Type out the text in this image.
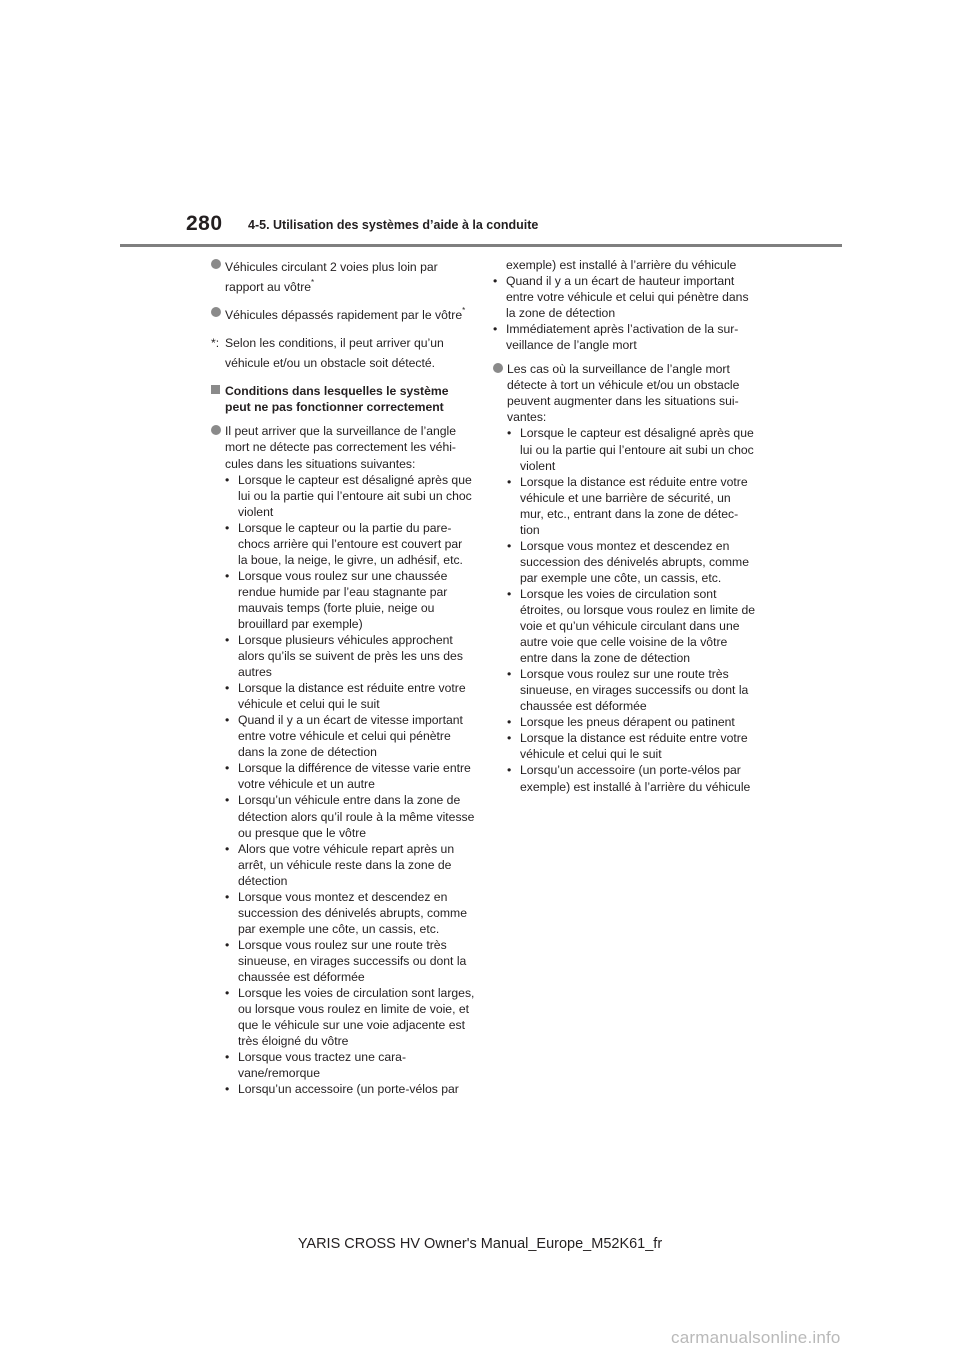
280 4-5. Utilisation des systèmes d’aide à la conduite
Véhicules circulant 2 voies plus loin par rapport au vôtre*
Véhicules dépassés rapidement par le vôtre*
*: Selon les conditions, il peut arriver qu’un véhicule et/ou un obstacle soit détecté.
Conditions dans lesquelles le système peut ne pas fonctionner correctement
Il peut arriver que la surveillance de l’angle mort ne détecte pas correctement les véhi-cules dans les situations suivantes:
• Lorsque le capteur est désaligné après que lui ou la partie qui l’entoure ait subi un choc violent
• Lorsque le capteur ou la partie du pare-chocs arrière qui l’entoure est couvert par la boue, la neige, le givre, un adhésif, etc.
• Lorsque vous roulez sur une chaussée rendue humide par l’eau stagnante par mauvais temps (forte pluie, neige ou brouillard par exemple)
• Lorsque plusieurs véhicules approchent alors qu’ils se suivent de près les uns des autres
• Lorsque la distance est réduite entre votre véhicule et celui qui le suit
• Quand il y a un écart de vitesse important entre votre véhicule et celui qui pénètre dans la zone de détection
• Lorsque la différence de vitesse varie entre votre véhicule et un autre
• Lorsqu’un véhicule entre dans la zone de détection alors qu’il roule à la même vitesse ou presque que le vôtre
• Alors que votre véhicule repart après un arrêt, un véhicule reste dans la zone de détection
• Lorsque vous montez et descendez en succession des dénivelés abrupts, comme par exemple une côte, un cassis, etc.
• Lorsque vous roulez sur une route très sinueuse, en virages successifs ou dont la chaussée est déformée
• Lorsque les voies de circulation sont larges, ou lorsque vous roulez en limite de voie, et que le véhicule sur une voie adjacente est très éloigné du vôtre
• Lorsque vous tractez une cara-vane/remorque
• Lorsqu’un accessoire (un porte-vélos par
exemple) est installé à l’arrière du véhicule
• Quand il y a un écart de hauteur important entre votre véhicule et celui qui pénètre dans la zone de détection
• Immédiatement après l’activation de la sur-veillance de l’angle mort
Les cas où la surveillance de l’angle mort détecte à tort un véhicule et/ou un obstacle peuvent augmenter dans les situations sui-vantes:
• Lorsque le capteur est désaligné après que lui ou la partie qui l’entoure ait subi un choc violent
• Lorsque la distance est réduite entre votre véhicule et une barrière de sécurité, un mur, etc., entrant dans la zone de détec-tion
• Lorsque vous montez et descendez en succession des dénivelés abrupts, comme par exemple une côte, un cassis, etc.
• Lorsque les voies de circulation sont étroites, ou lorsque vous roulez en limite de voie et qu’un véhicule circulant dans une autre voie que celle voisine de la vôtre entre dans la zone de détection
• Lorsque vous roulez sur une route très sinueuse, en virages successifs ou dont la chaussée est déformée
• Lorsque les pneus dérapent ou patinent
• Lorsque la distance est réduite entre votre véhicule et celui qui le suit
• Lorsqu’un accessoire (un porte-vélos par exemple) est installé à l’arrière du véhicule
YARIS CROSS HV Owner's Manual_Europe_M52K61_fr
carmanualsonline.info
